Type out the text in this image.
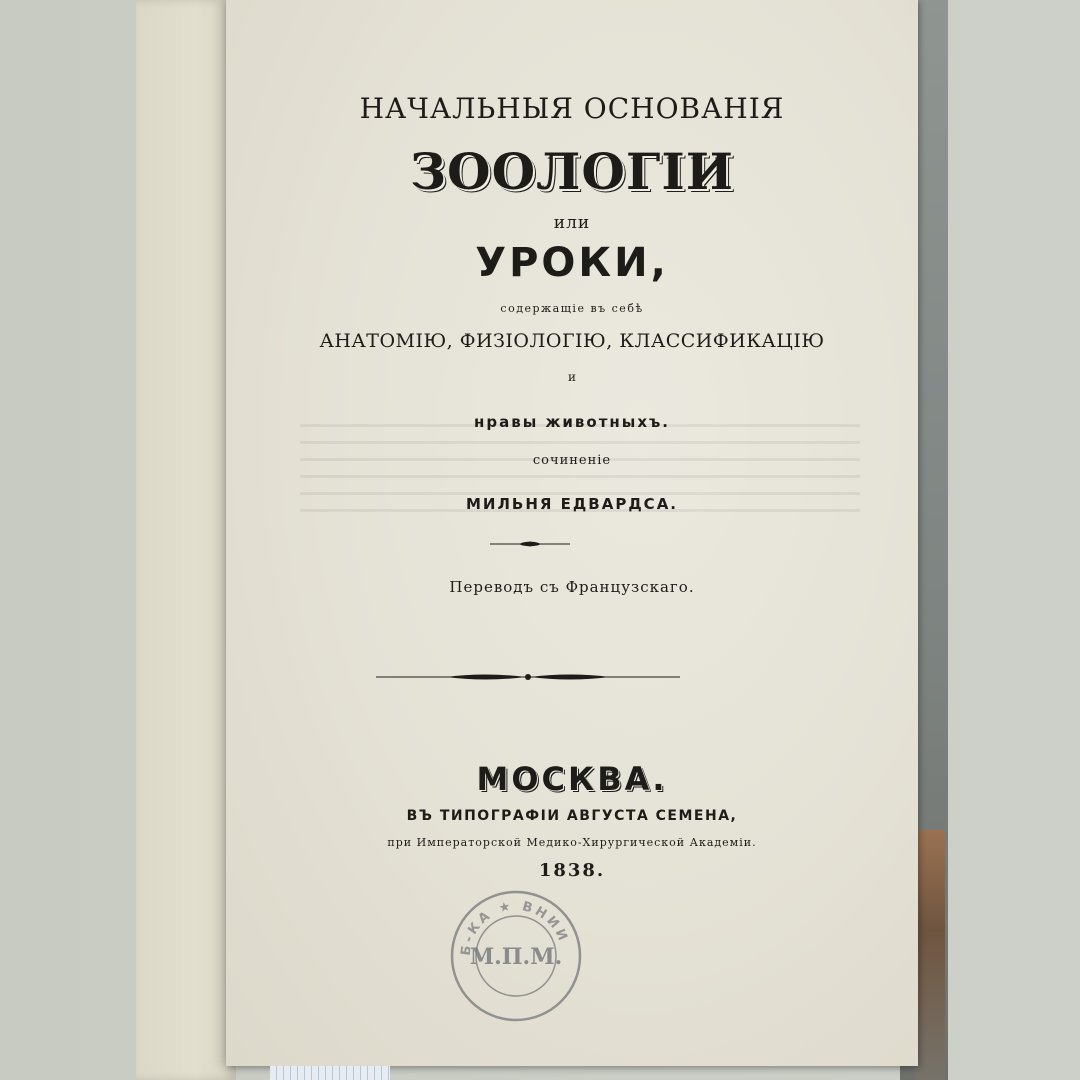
НАЧАЛЬНЫЯ ОСНОВАНІЯ

ЗООЛОГІИ

или

УРОКИ,

содержащіе въ себѣ

АНАТОМІЮ, ФИЗІОЛОГІЮ, КЛАССИФИКАЦІЮ

и

нравы животныхъ.

сочиненіе

МИЛЬНЯ ЕДВАРДСА.

Переводъ съ Французскаго.

МОСКВА.

ВЪ ТИПОГРАФІИ АВГУСТА СЕМЕНА,

при Императорской Медико-Хирургической Академіи.

1838.

М.П.М.
Б-КА ★ ВНИИ
